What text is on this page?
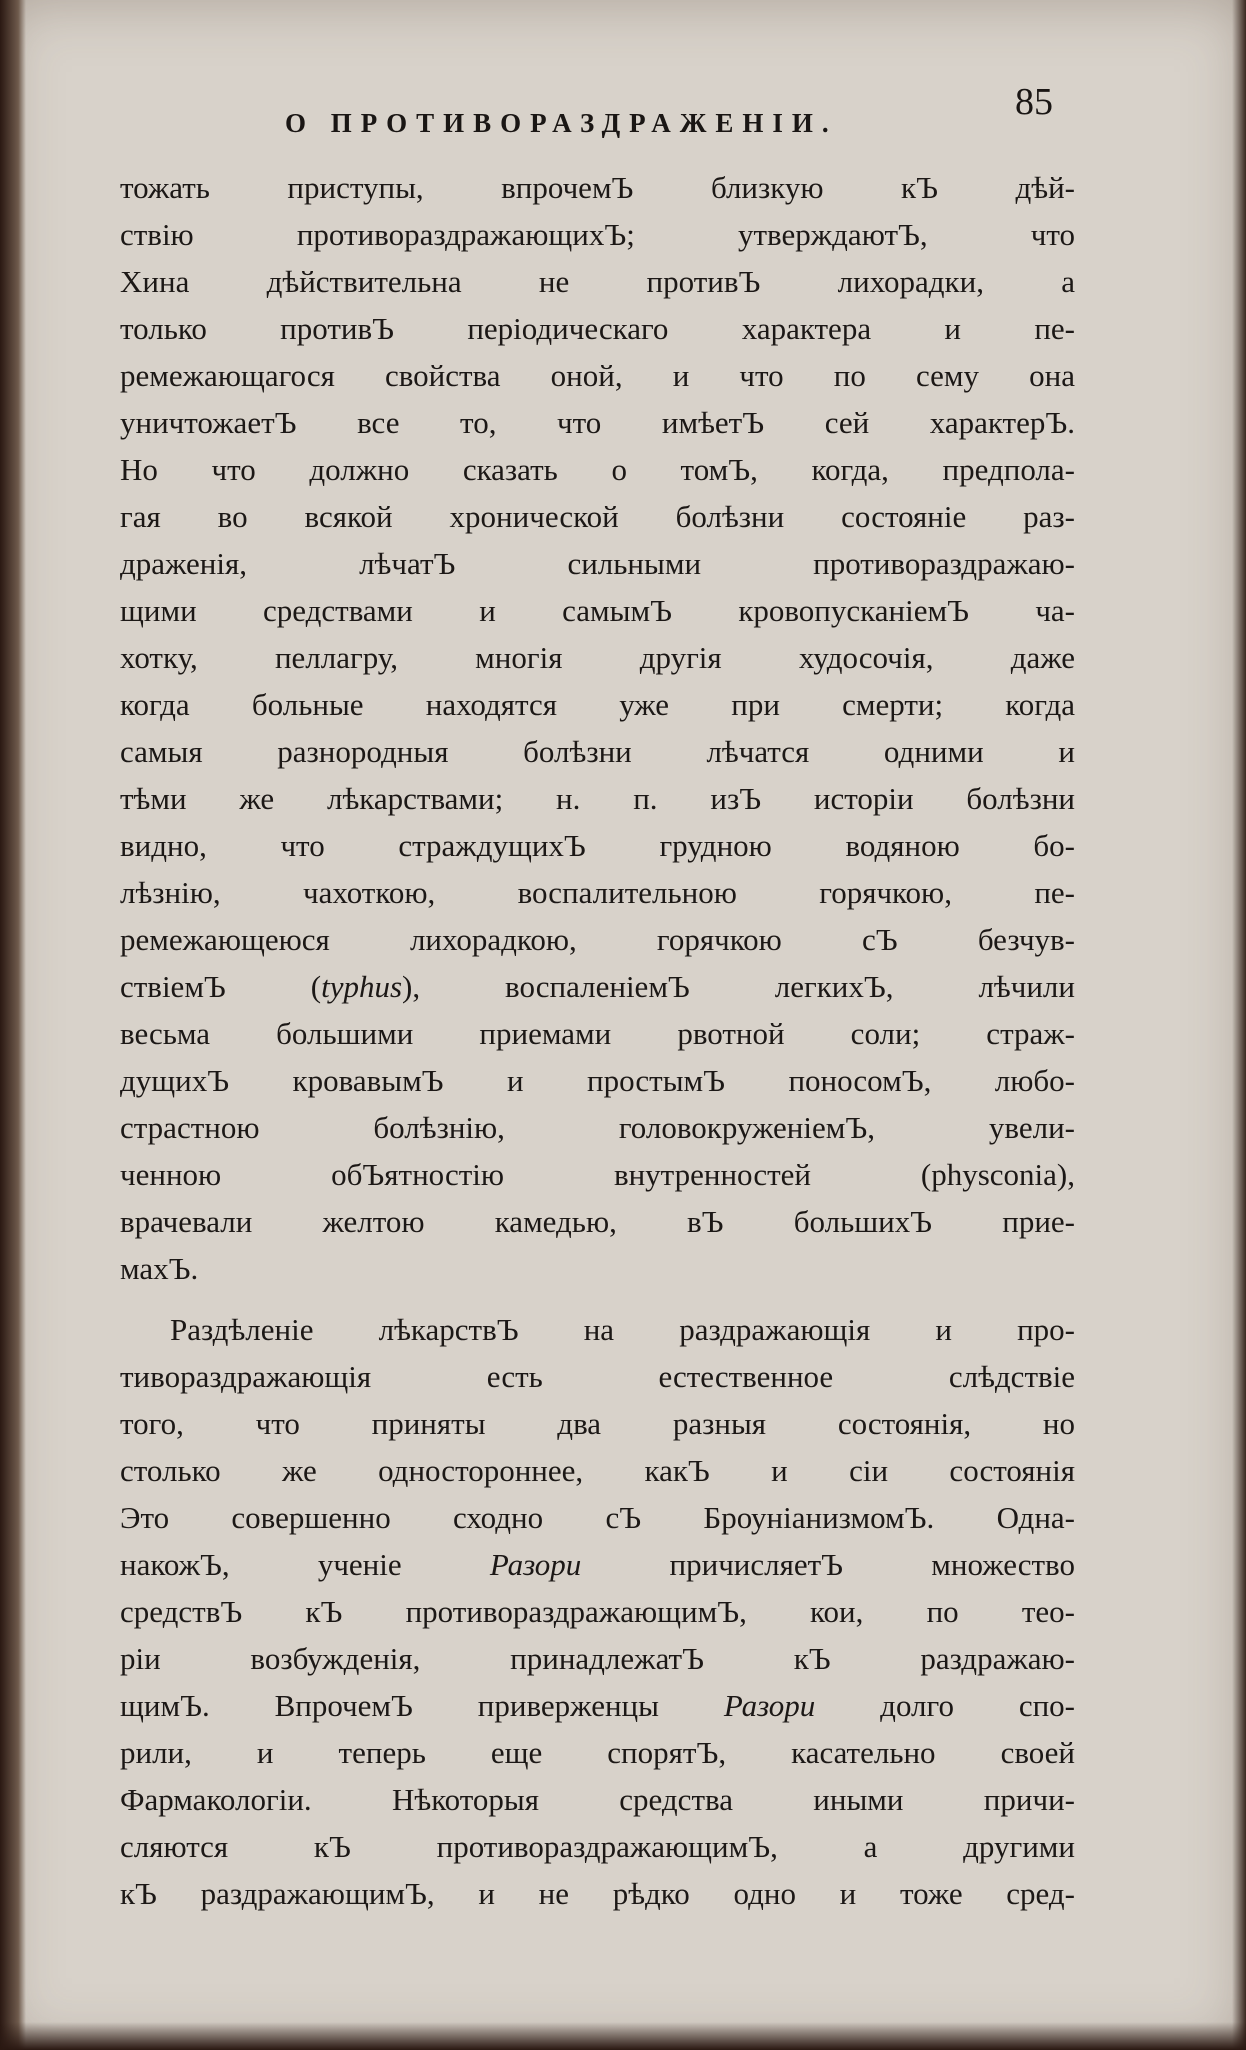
О ПРОТИВОРАЗДРАЖЕНІИ.	85
тожать приступы, впрочемЪ близкую кЪ дѣй-
ствію противораздражающихЪ; утверждаютЪ, что
Хина дѣйствительна не противЪ лихорадки, а
только противЪ періодическаго характера и пе-
ремежающагося свойства оной, и что по сему она
уничтожаетЪ все то, что имѣетЪ сей характерЪ.
Но что должно сказать о томЪ, когда, предпола-
гая во всякой хронической болѣзни состояніе раз-
драженія, лѣчатЪ сильными противораздражаю-
щими средствами и самымЪ кровопусканіемЪ ча-
хотку, пеллагру, многія другія худосочія, даже
когда больные находятся уже при смерти; когда
самыя разнородныя болѣзни лѣчатся одними и
тѣми же лѣкарствами; н. п. изЪ исторіи болѣзни
видно, что страждущихЪ грудною водяною бо-
лѣзнію, чахоткою, воспалительною горячкою, пе-
ремежающеюся лихорадкою, горячкою сЪ безчув-
ствіемЪ (typhus), воспаленіемЪ легкихЪ, лѣчили
весьма большими приемами рвотной соли; страж-
дущихЪ кровавымЪ и простымЪ поносомЪ, любо-
страстною болѣзнію, головокруженіемЪ, увели-
ченною обЪятностію внутренностей (physconia),
врачевали желтою камедью, вЪ большихЪ прие-
махЪ.
Раздѣленіе лѣкарствЪ на раздражающія и про-
тивораздражающія есть естественное слѣдствіе
того, что приняты два разныя состоянія, но
столько же одностороннее, какЪ и сіи состоянія
Это совершенно сходно сЪ БроуніанизмомЪ. Одна-
накожЪ, ученіе Разори причисляетЪ множество
средствЪ кЪ противораздражающимЪ, кои, по тео-
ріи возбужденія, принадлежатЪ кЪ раздражаю-
щимЪ. ВпрочемЪ приверженцы Разори долго спо-
рили, и теперь еще спорятЪ, касательно своей
Фармакологіи. Нѣкоторыя средства иными причи-
сляются кЪ противораздражающимЪ, а другими
кЪ раздражающимЪ, и не рѣдко одно и тоже сред-
